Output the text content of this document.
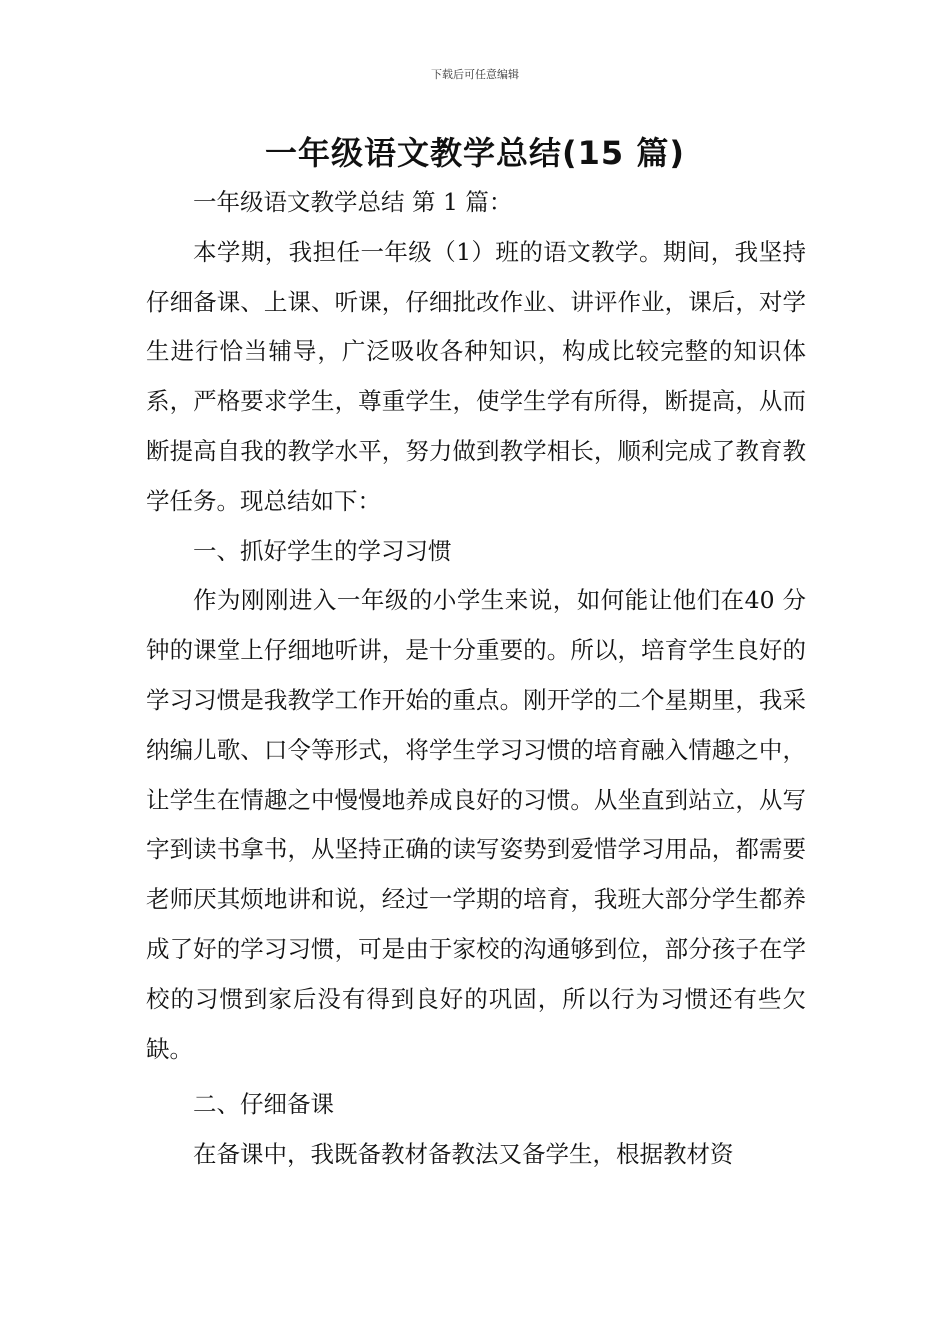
下载后可任意编辑
一年级语文教学总结(15 篇)

一年级语文教学总结 第 1 篇：

本学期，我担任一年级（1）班的语文教学。期间，我坚持仔细备课、上课、听课，仔细批改作业、讲评作业，课后，对学生进行恰当辅导，广泛吸收各种知识，构成比较完整的知识体系，严格要求学生，尊重学生，使学生学有所得，断提高，从而断提高自我的教学水平，努力做到教学相长，顺利完成了教育教学任务。现总结如下：

一、抓好学生的学习习惯

作为刚刚进入一年级的小学生来说，如何能让他们在40 分钟的课堂上仔细地听讲，是十分重要的。所以，培育学生良好的学习习惯是我教学工作开始的重点。刚开学的二个星期里，我采纳编儿歌、口令等形式，将学生学习习惯的培育融入情趣之中，让学生在情趣之中慢慢地养成良好的习惯。从坐直到站立，从写字到读书拿书，从坚持正确的读写姿势到爱惜学习用品，都需要老师厌其烦地讲和说，经过一学期的培育，我班大部分学生都养成了好的学习习惯，可是由于家校的沟通够到位，部分孩子在学校的习惯到家后没有得到良好的巩固，所以行为习惯还有些欠缺。

二、仔细备课

在备课中，我既备教材备教法又备学生，根据教材资
